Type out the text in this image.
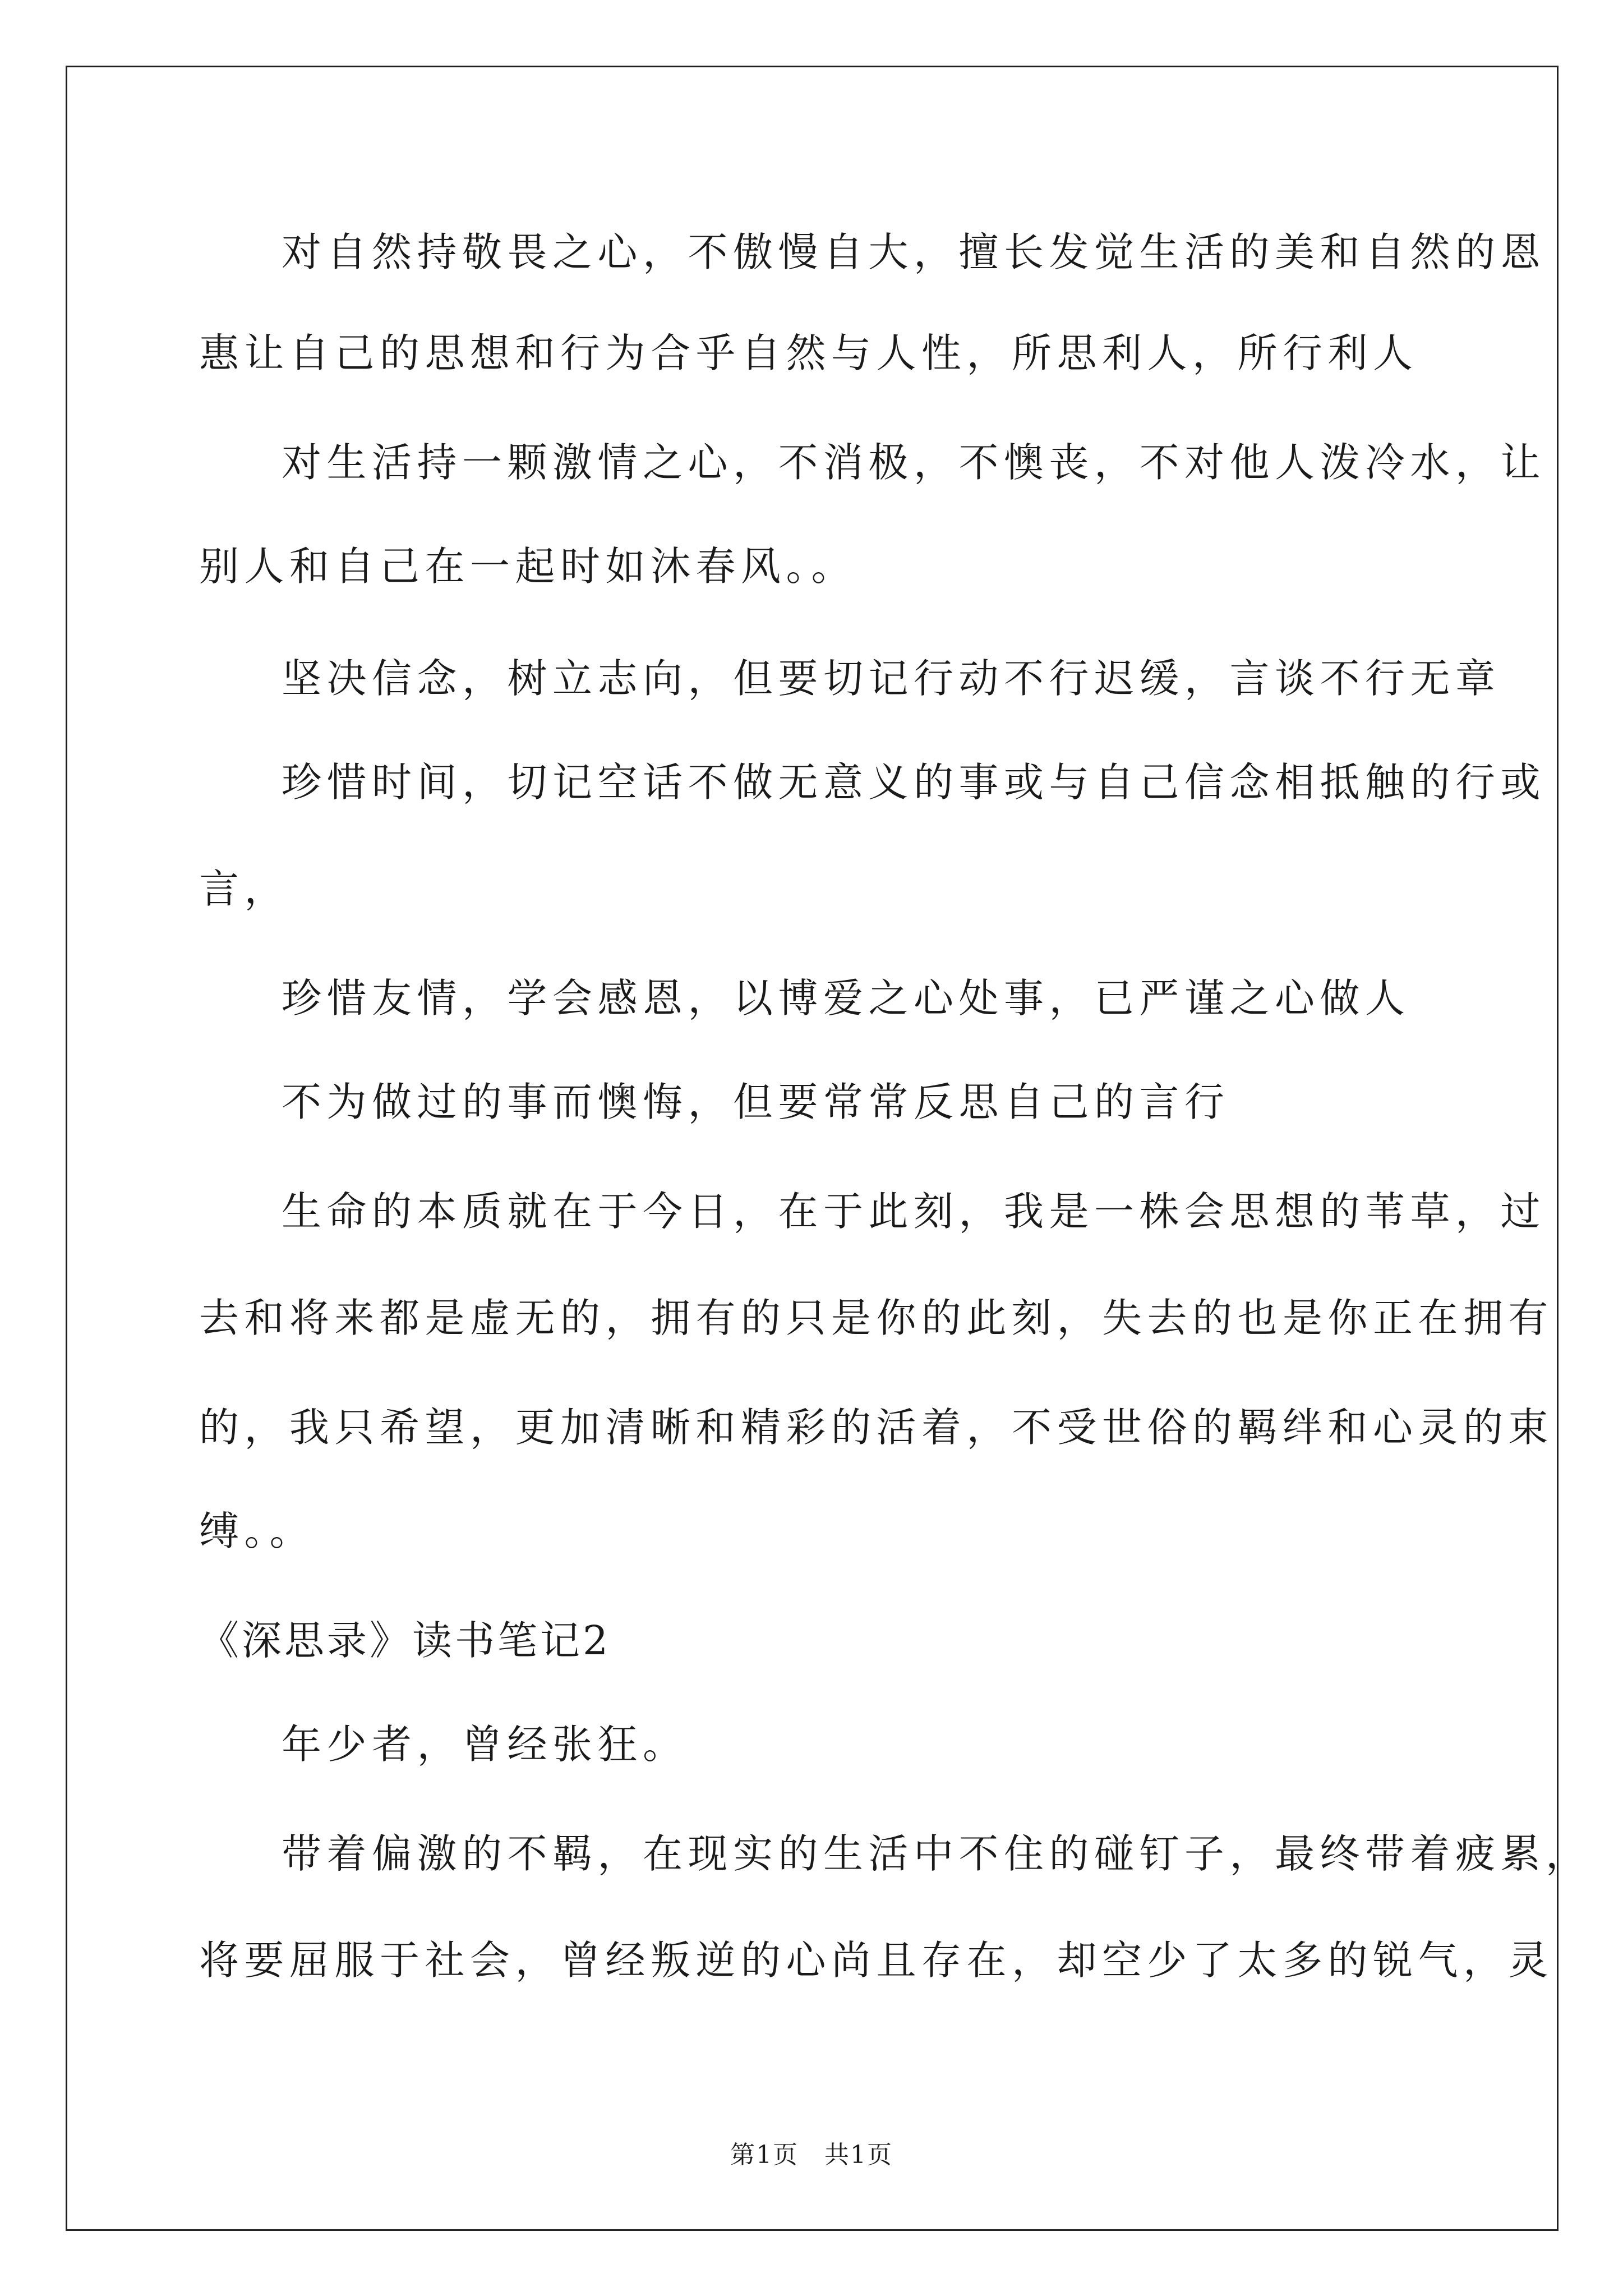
对自然持敬畏之心，不傲慢自大，擅长发觉生活的美和自然的恩
惠让自己的思想和行为合乎自然与人性，所思利人，所行利人
对生活持一颗激情之心，不消极，不懊丧，不对他人泼冷水，让
别人和自己在一起时如沐春风。。
坚决信念，树立志向，但要切记行动不行迟缓，言谈不行无章
珍惜时间，切记空话不做无意义的事或与自己信念相抵触的行或
言，
珍惜友情，学会感恩，以博爱之心处事，已严谨之心做人
不为做过的事而懊悔，但要常常反思自己的言行
生命的本质就在于今日，在于此刻，我是一株会思想的苇草，过
去和将来都是虚无的，拥有的只是你的此刻，失去的也是你正在拥有
的，我只希望，更加清晰和精彩的活着，不受世俗的羁绊和心灵的束
缚。。
《深思录》读书笔记2
年少者，曾经张狂。
带着偏激的不羁，在现实的生活中不住的碰钉子，最终带着疲累，
将要屈服于社会，曾经叛逆的心尚且存在，却空少了太多的锐气，灵
第1页　共1页
